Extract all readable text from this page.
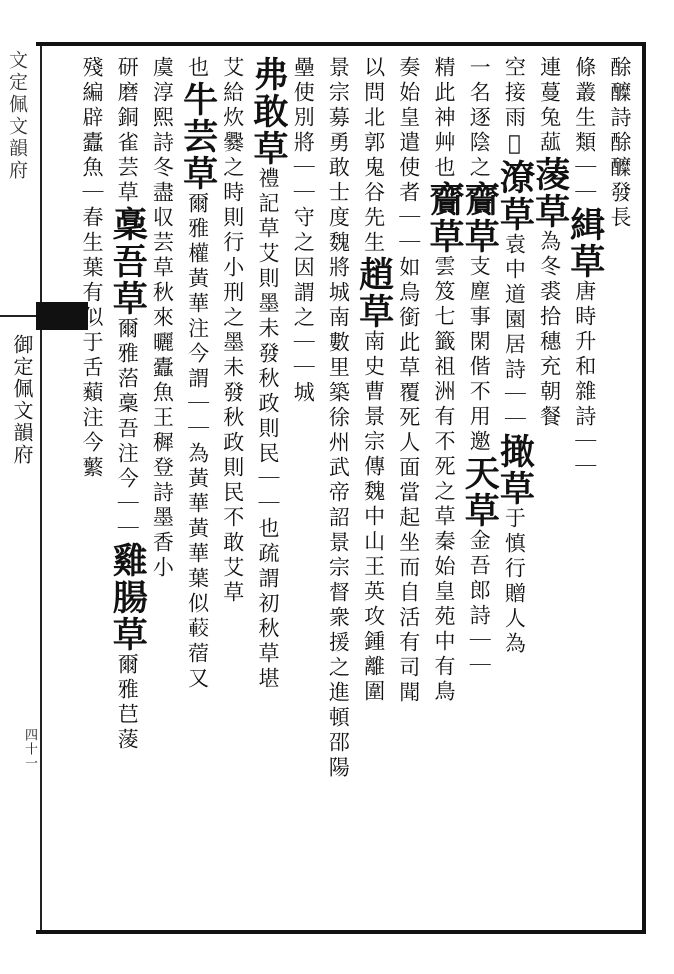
文定佩文韻府
御定佩文韻府
四十一
酴醾詩酴醾發長
條叢生類｜｜緝草唐時升和雜詩｜｜
連蔓兔𦸈蓤草為冬裘拾穗充朝餐
空接雨𦶜潦草袁中道園居詩｜｜撖草于慎行贈人為
一名逐陰之齎草支塵事閑偕不用邀天草金吾郎詩｜｜
精此神艸也齎草雲笈七籤祖洲有不死之草秦始皇苑中有鳥
奏始皇遣使者｜｜如烏銜此草覆死人面當起坐而自活有司聞
以問北郭鬼谷先生趙草南史曹景宗傳魏中山王英攻鍾離圍
景宗募勇敢士度魏將城南數里築徐州武帝詔景宗督衆援之進頓邵陽
壘使別將｜｜守之因謂之｜｜城
弗敢草禮記草艾則墨未發秋政則民｜｜也疏謂初秋草堪
艾給炊爨之時則行小刑之墨未發秋政則民不敢艾草
也牛芸草爾雅權黃華注今謂｜｜為黃華黃華葉似𦽨蓿又
虞淳熙詩冬盡収芸草秋來曬蠹魚王穉登詩墨香小
研磨銅雀芸草稾吾草爾雅菭稾吾注今｜｜雞腸草爾雅𦬊蔆
殘編辟蠹魚｜春生葉有似于舌蘱注今蘩
